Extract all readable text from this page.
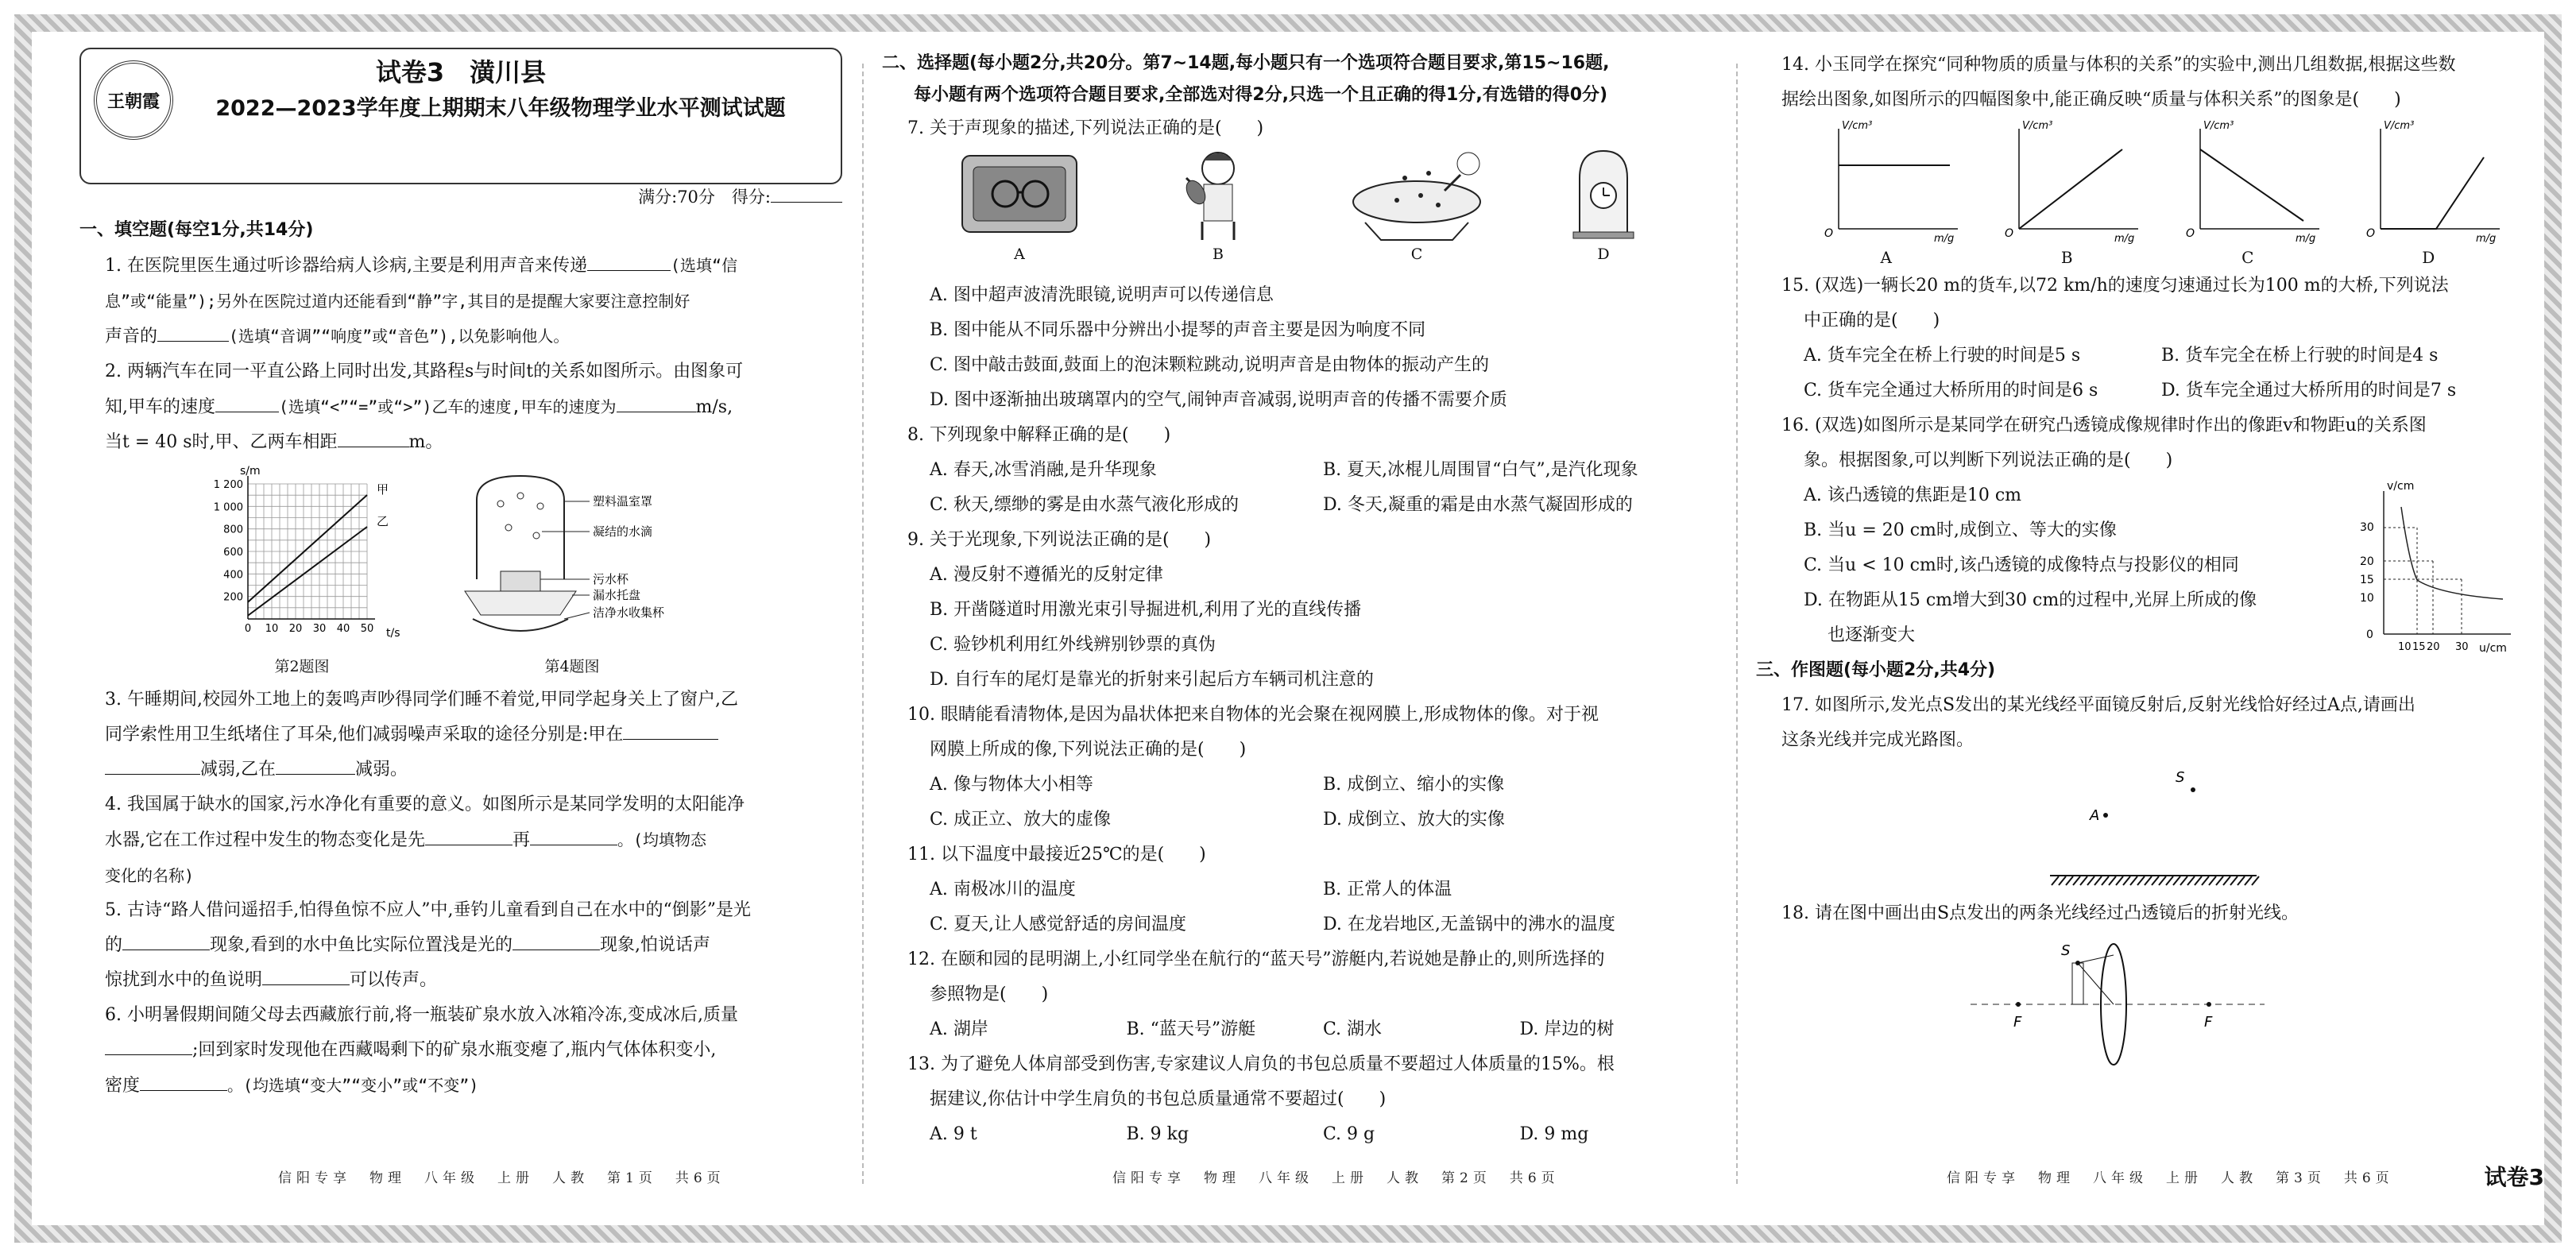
王朝霞
试卷3　潢川县
2022—2023学年度上期期末八年级物理学业水平测试试题
满分:70分　得分:
一、填空题(每空1分,共14分)

1. 在医院里医生通过听诊器给病人诊病,主要是利用声音来传递	(选填“信

息”或“能量”);另外在医院过道内还能看到“静”字,其目的是提醒大家要注意控制好

声音的	(选填“音调”“响度”或“音色”),以免影响他人。

2. 两辆汽车在同一平直公路上同时出发,其路程s与时间t的关系如图所示。由图象可

知,甲车的速度	(选填“<”“=”或“>”)乙车的速度,甲车的速度为	m/s,

当t = 40 s时,甲、乙两车相距	m。

1 200
1 000
800
600
400
200
0 10 20 30 40 50
s/m
t/s
甲
乙
第2题图
塑料温室罩
凝结的水滴
污水杯
漏水托盘
洁净水收集杯
第4题图

3. 午睡期间,校园外工地上的轰鸣声吵得同学们睡不着觉,甲同学起身关上了窗户,乙

同学索性用卫生纸堵住了耳朵,他们减弱噪声采取的途径分别是:甲在

减弱,乙在	减弱。

4. 我国属于缺水的国家,污水净化有重要的意义。如图所示是某同学发明的太阳能净

水器,它在工作过程中发生的物态变化是先	再	。(均填物态

变化的名称)

5. 古诗“路人借问遥招手,怕得鱼惊不应人”中,垂钓儿童看到自己在水中的“倒影”是光

的	现象,看到的水中鱼比实际位置浅是光的	现象,怕说话声

惊扰到水中的鱼说明	可以传声。

6. 小明暑假期间随父母去西藏旅行前,将一瓶装矿泉水放入冰箱冷冻,变成冰后,质量

;回到家时发现他在西藏喝剩下的矿泉水瓶变瘪了,瓶内气体体积变小,

密度	。(均选填“变大”“变小”或“不变”)

二、选择题(每小题2分,共20分。第7~14题,每小题只有一个选项符合题目要求,第15~16题,
每小题有两个选项符合题目要求,全部选对得2分,只选一个且正确的得1分,有选错的得0分)

7. 关于声现象的描述,下列说法正确的是(　　)

A	B	C	D

A. 图中超声波清洗眼镜,说明声可以传递信息

B. 图中能从不同乐器中分辨出小提琴的声音主要是因为响度不同

C. 图中敲击鼓面,鼓面上的泡沫颗粒跳动,说明声音是由物体的振动产生的

D. 图中逐渐抽出玻璃罩内的空气,闹钟声音减弱,说明声音的传播不需要介质

8. 下列现象中解释正确的是(　　)

A. 春天,冰雪消融,是升华现象	B. 夏天,冰棍儿周围冒“白气”,是汽化现象
C. 秋天,缥缈的雾是由水蒸气液化形成的	D. 冬天,凝重的霜是由水蒸气凝固形成的

9. 关于光现象,下列说法正确的是(　　)

A. 漫反射不遵循光的反射定律

B. 开凿隧道时用激光束引导掘进机,利用了光的直线传播

C. 验钞机利用红外线辨别钞票的真伪

D. 自行车的尾灯是靠光的折射来引起后方车辆司机注意的

10. 眼睛能看清物体,是因为晶状体把来自物体的光会聚在视网膜上,形成物体的像。对于视

网膜上所成的像,下列说法正确的是(　　)

A. 像与物体大小相等	B. 成倒立、缩小的实像
C. 成正立、放大的虚像	D. 成倒立、放大的实像

11. 以下温度中最接近25℃的是(　　)

A. 南极冰川的温度	B. 正常人的体温
C. 夏天,让人感觉舒适的房间温度	D. 在龙岩地区,无盖锅中的沸水的温度

12. 在颐和园的昆明湖上,小红同学坐在航行的“蓝天号”游艇内,若说她是静止的,则所选择的

参照物是(　　)

A. 湖岸	B. “蓝天号”游艇	C. 湖水	D. 岸边的树

13. 为了避免人体肩部受到伤害,专家建议人肩负的书包总质量不要超过人体质量的15%。根

据建议,你估计中学生肩负的书包总质量通常不要超过(　　)

A. 9 t	B. 9 kg	C. 9 g	D. 9 mg

14. 小玉同学在探究“同种物质的质量与体积的关系”的实验中,测出几组数据,根据这些数

据绘出图象,如图所示的四幅图象中,能正确反映“质量与体积关系”的图象是(　　)

V/cm³
m/g
O
A
V/cm³
m/g
O
B
V/cm³
m/g
O
C
V/cm³
m/g
O
D

15. (双选)一辆长20 m的货车,以72 km/h的速度匀速通过长为100 m的大桥,下列说法

中正确的是(　　)

A. 货车完全在桥上行驶的时间是5 s	B. 货车完全在桥上行驶的时间是4 s
C. 货车完全通过大桥所用的时间是6 s	D. 货车完全通过大桥所用的时间是7 s

16. (双选)如图所示是某同学在研究凸透镜成像规律时作出的像距v和物距u的关系图

象。根据图象,可以判断下列说法正确的是(　　)

A. 该凸透镜的焦距是10 cm

B. 当u = 20 cm时,成倒立、等大的实像

C. 当u < 10 cm时,该凸透镜的成像特点与投影仪的相同

D. 在物距从15 cm增大到30 cm的过程中,光屏上所成的像

也逐渐变大

v/cm
u/cm
30
20
15
10
0
10 15 20 30
三、作图题(每小题2分,共4分)

17. 如图所示,发光点S发出的某光线经平面镜反射后,反射光线恰好经过A点,请画出

这条光线并完成光路图。

S
A

18. 请在图中画出由S点发出的两条光线经过凸透镜后的折射光线。

S
F	F
信阳专享　物理　八年级　上册　人教　第1页　共6页	信阳专享　物理　八年级　上册　人教　第2页　共6页	信阳专享　物理　八年级　上册　人教　第3页　共6页	试卷3
